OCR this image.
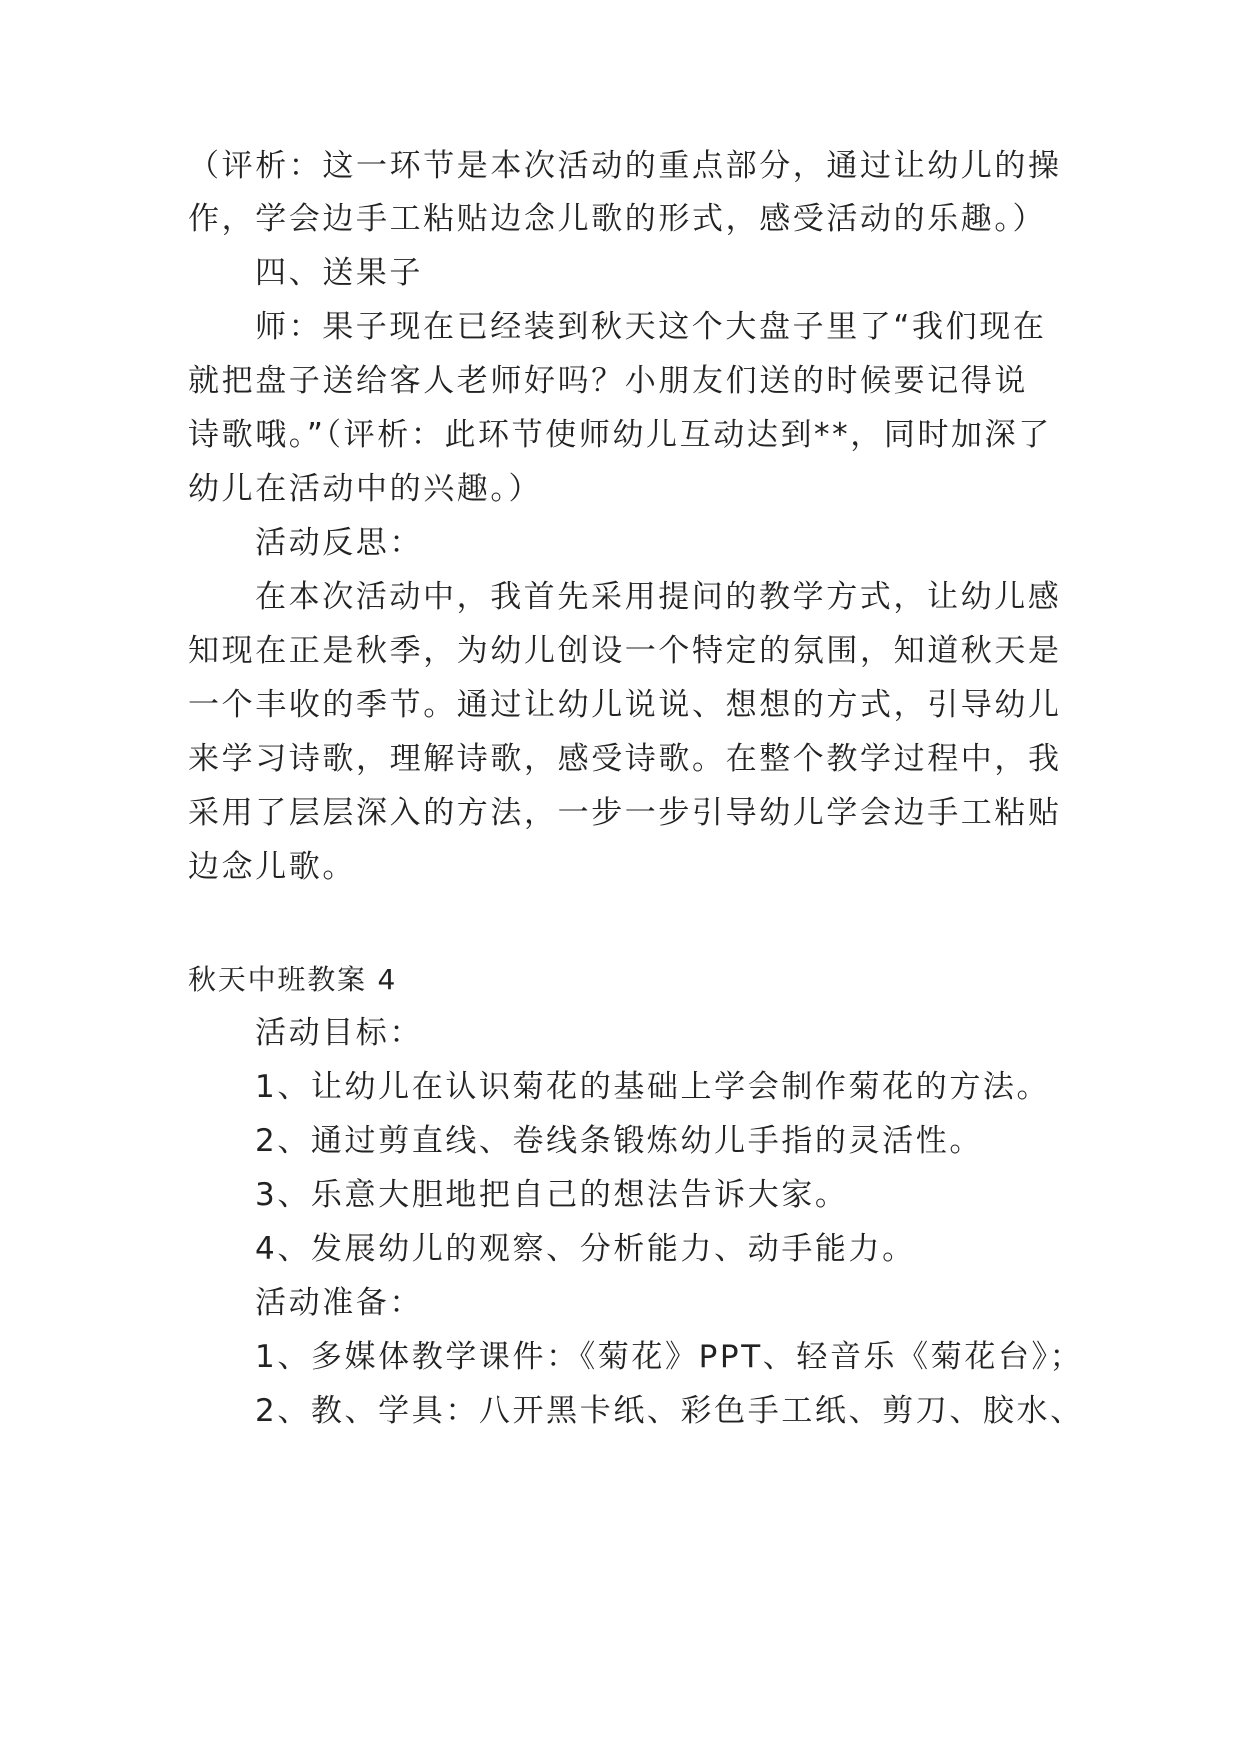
（评析：这一环节是本次活动的重点部分，通过让幼儿的操
作，学会边手工粘贴边念儿歌的形式，感受活动的乐趣。）
四、送果子
师：果子现在已经装到秋天这个大盘子里了“我们现在
就把盘子送给客人老师好吗？小朋友们送的时候要记得说
诗歌哦。”（评析：此环节使师幼儿互动达到**，同时加深了
幼儿在活动中的兴趣。）
活动反思：
在本次活动中，我首先采用提问的教学方式，让幼儿感
知现在正是秋季，为幼儿创设一个特定的氛围，知道秋天是
一个丰收的季节。通过让幼儿说说、想想的方式，引导幼儿
来学习诗歌，理解诗歌，感受诗歌。在整个教学过程中，我
采用了层层深入的方法，一步一步引导幼儿学会边手工粘贴
边念儿歌。
秋天中班教案 4
活动目标：
1、让幼儿在认识菊花的基础上学会制作菊花的方法。
2、通过剪直线、卷线条锻炼幼儿手指的灵活性。
3、乐意大胆地把自己的想法告诉大家。
4、发展幼儿的观察、分析能力、动手能力。
活动准备：
1、多媒体教学课件：《菊花》PPT、轻音乐《菊花台》；
2、教、学具：八开黑卡纸、彩色手工纸、剪刀、胶水、
